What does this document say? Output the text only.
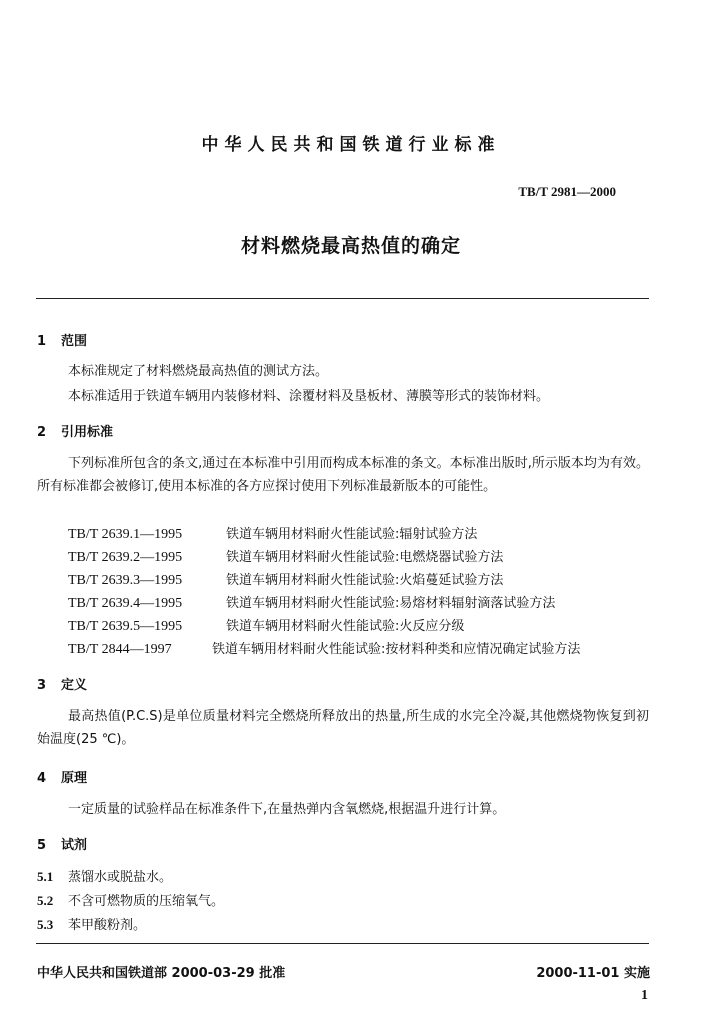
中华人民共和国铁道行业标准
TB/T 2981—2000
材料燃烧最高热值的确定
1 范围
本标准规定了材料燃烧最高热值的测试方法。
本标准适用于铁道车辆用内装修材料、涂覆材料及垦板材、薄膜等形式的装饰材料。
2 引用标准
下列标准所包含的条文,通过在本标准中引用而构成本标准的条文。本标准出版时,所示版本均为有效。所有标准都会被修订,使用本标准的各方应探讨使用下列标准最新版本的可能性。
TB/T 2639.1—1995	铁道车辆用材料耐火性能试验:辐射试验方法
TB/T 2639.2—1995	铁道车辆用材料耐火性能试验:电燃烧器试验方法
TB/T 2639.3—1995	铁道车辆用材料耐火性能试验:火焰蔓延试验方法
TB/T 2639.4—1995	铁道车辆用材料耐火性能试验:易熔材料辐射滴落试验方法
TB/T 2639.5—1995	铁道车辆用材料耐火性能试验:火反应分级
TB/T 2844—1997	铁道车辆用材料耐火性能试验:按材料种类和应情况确定试验方法
3 定义
最高热值(P.C.S)是单位质量材料完全燃烧所释放出的热量,所生成的水完全冷凝,其他燃烧物恢复到初始温度(25 ℃)。
4 原理
一定质量的试验样品在标准条件下,在量热弹内含氧燃烧,根据温升进行计算。
5 试剂
5.1 蒸馏水或脱盐水。
5.2 不含可燃物质的压缩氧气。
5.3 苯甲酸粉剂。
中华人民共和国铁道部 2000-03-29 批准	2000-11-01 实施
1
